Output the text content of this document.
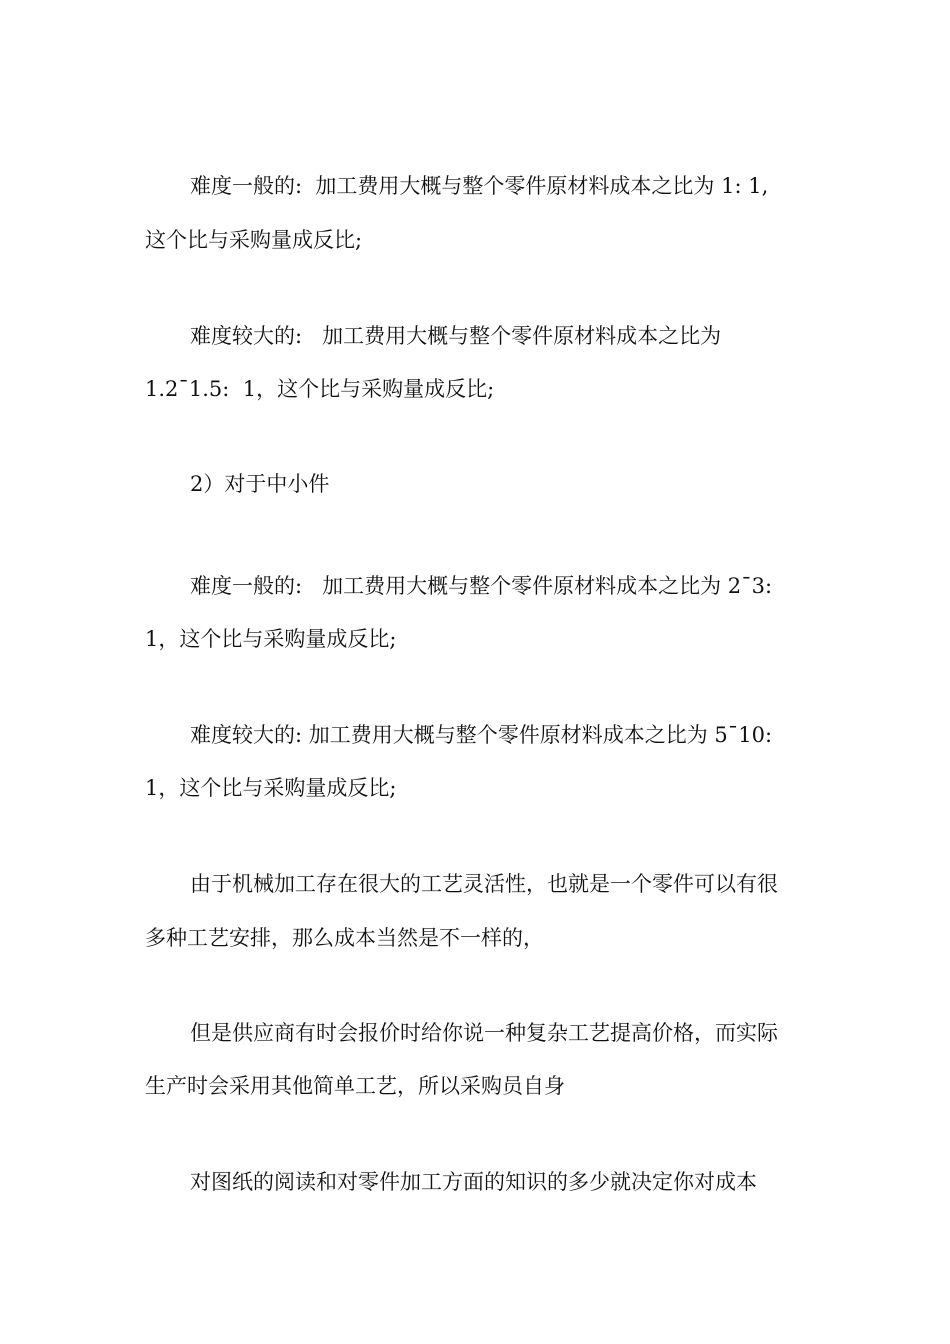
难度一般的:  加工费用大概与整个零件原材料成本之比为 1: 1,
这个比与采购量成反比;
难度较大的:   加工费用大概与整个零件原材料成本之比为
1.2¯1.5:  1，这个比与采购量成反比;
2）对于中小件
难度一般的:   加工费用大概与整个零件原材料成本之比为 2¯3:
1，这个比与采购量成反比;
难度较大的: 加工费用大概与整个零件原材料成本之比为 5¯10:
1，这个比与采购量成反比;
由于机械加工存在很大的工艺灵活性，也就是一个零件可以有很
多种工艺安排，那么成本当然是不一样的，
但是供应商有时会报价时给你说一种复杂工艺提高价格，而实际
生产时会采用其他简单工艺，所以采购员自身
对图纸的阅读和对零件加工方面的知识的多少就决定你对成本
